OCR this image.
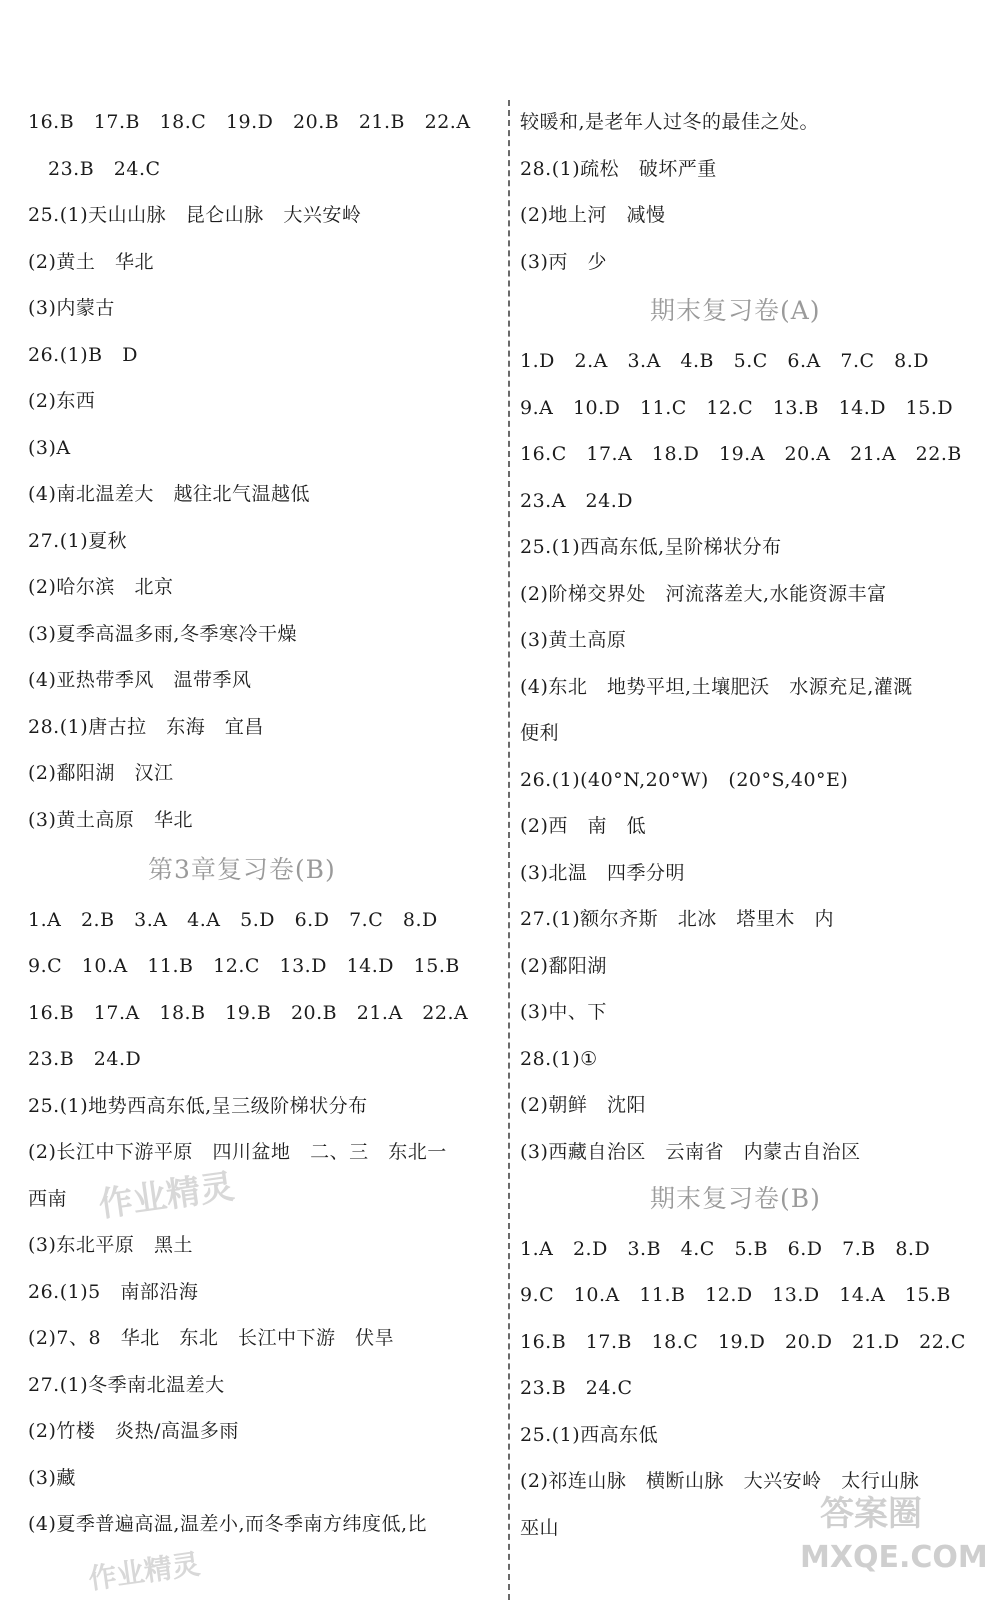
16.B   17.B   18.C   19.D   20.B   21.B   22.A
23.B   24.C
25.(1)天山山脉   昆仑山脉   大兴安岭
(2)黄土   华北
(3)内蒙古
26.(1)B   D
(2)东西
(3)A
(4)南北温差大   越往北气温越低
27.(1)夏秋
(2)哈尔滨   北京
(3)夏季高温多雨,冬季寒冷干燥
(4)亚热带季风   温带季风
28.(1)唐古拉   东海   宜昌
(2)鄱阳湖   汉江
(3)黄土高原   华北
第3章复习卷(B)
1.A   2.B   3.A   4.A   5.D   6.D   7.C   8.D
9.C   10.A   11.B   12.C   13.D   14.D   15.B
16.B   17.A   18.B   19.B   20.B   21.A   22.A
23.B   24.D
25.(1)地势西高东低,呈三级阶梯状分布
(2)长江中下游平原   四川盆地   二、三   东北一
西南
(3)东北平原   黑土
26.(1)5   南部沿海
(2)7、8   华北   东北   长江中下游   伏旱
27.(1)冬季南北温差大
(2)竹楼   炎热/高温多雨
(3)藏
(4)夏季普遍高温,温差小,而冬季南方纬度低,比
较暖和,是老年人过冬的最佳之处。
28.(1)疏松   破坏严重
(2)地上河   减慢
(3)丙   少
期末复习卷(A)
1.D   2.A   3.A   4.B   5.C   6.A   7.C   8.D
9.A   10.D   11.C   12.C   13.B   14.D   15.D
16.C   17.A   18.D   19.A   20.A   21.A   22.B
23.A   24.D
25.(1)西高东低,呈阶梯状分布
(2)阶梯交界处   河流落差大,水能资源丰富
(3)黄土高原
(4)东北   地势平坦,土壤肥沃   水源充足,灌溉
便利
26.(1)(40°N,20°W)   (20°S,40°E)
(2)西   南   低
(3)北温   四季分明
27.(1)额尔齐斯   北冰   塔里木   内
(2)鄱阳湖
(3)中、下
28.(1)①
(2)朝鲜   沈阳
(3)西藏自治区   云南省   内蒙古自治区
期末复习卷(B)
1.A   2.D   3.B   4.C   5.B   6.D   7.B   8.D
9.C   10.A   11.B   12.D   13.D   14.A   15.B
16.B   17.B   18.C   19.D   20.D   21.D   22.C
23.B   24.C
25.(1)西高东低
(2)祁连山脉   横断山脉   大兴安岭   太行山脉
巫山
作业精灵
作业精灵
答案圈
MXQE.COM
